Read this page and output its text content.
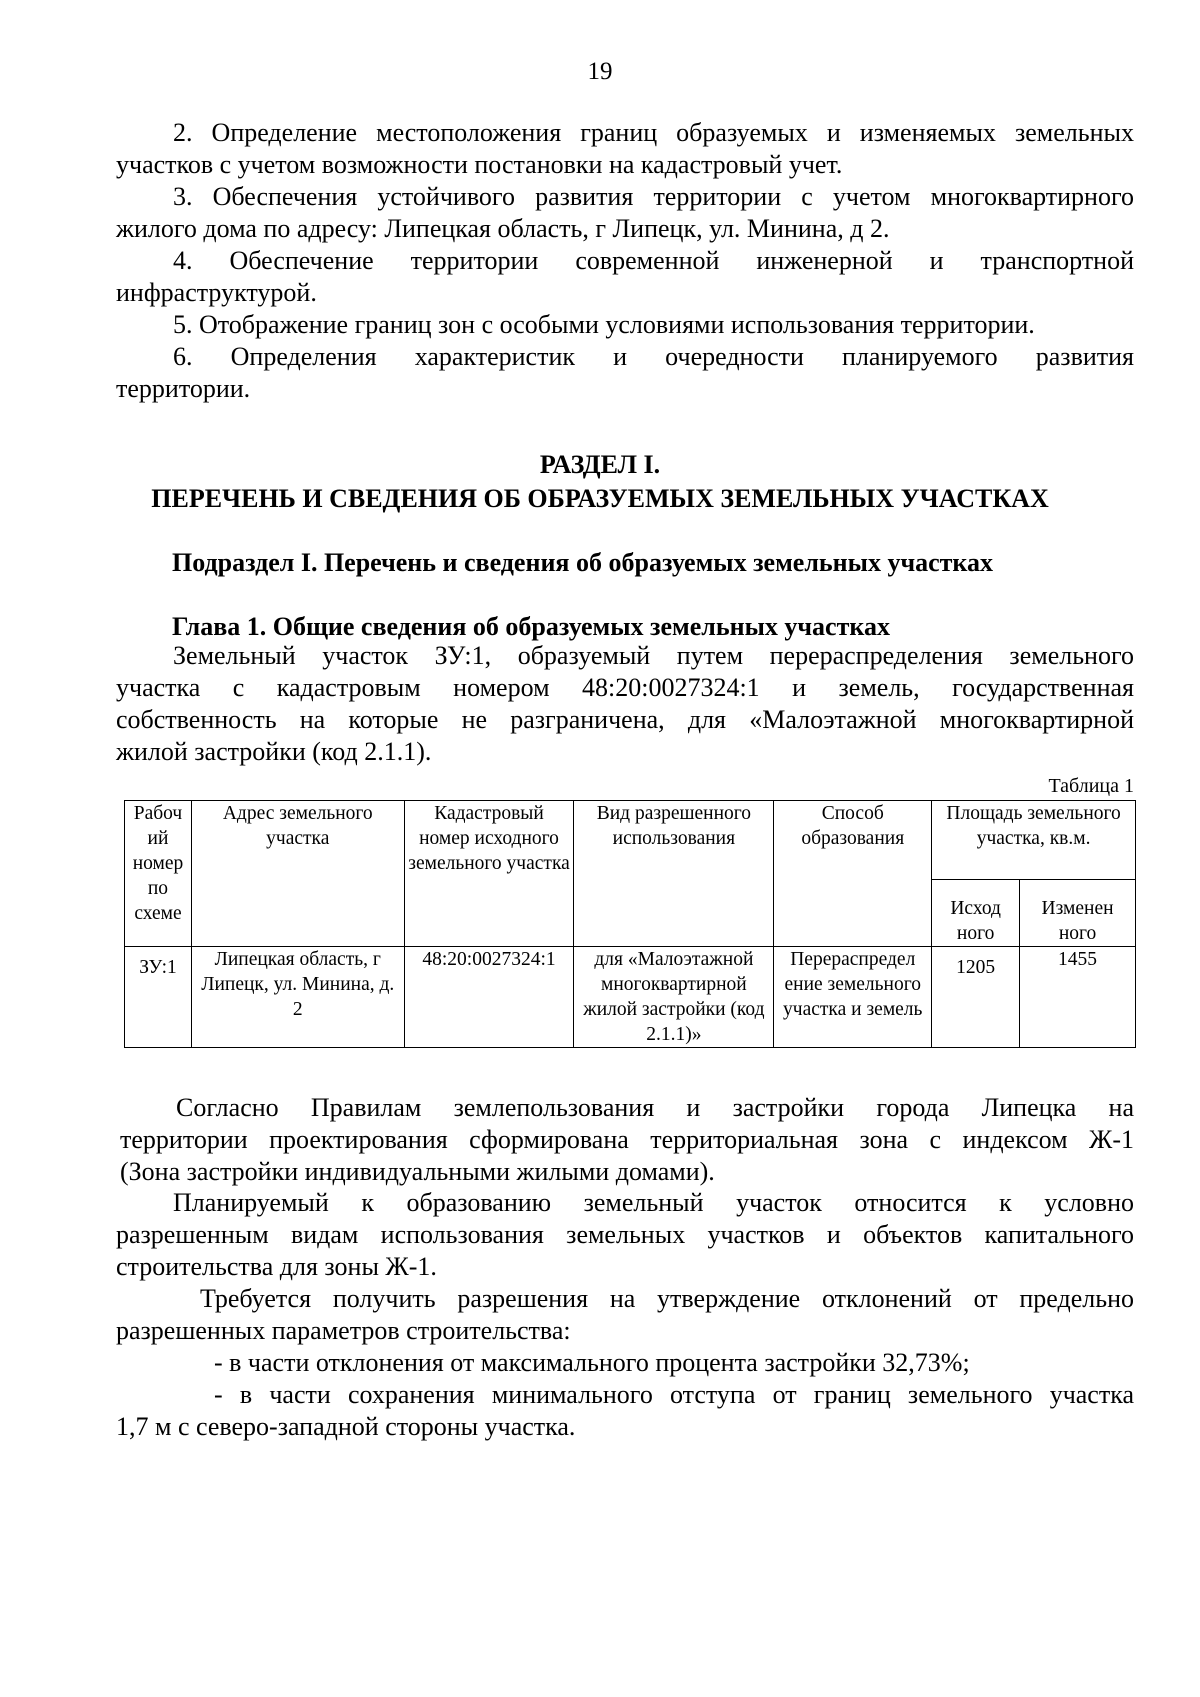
19
2. Определение местоположения границ образуемых и изменяемых земельных
участков с учетом возможности постановки на кадастровый учет.
3. Обеспечения устойчивого развития территории с учетом многоквартирного
жилого дома по адресу: Липецкая область, г Липецк, ул. Минина, д 2.
4. Обеспечение территории современной инженерной и транспортной
инфраструктурой.
5. Отображение границ зон с особыми условиями использования территории.
6. Определения характеристик и очередности планируемого развития
территории.
РАЗДЕЛ I.
ПЕРЕЧЕНЬ И СВЕДЕНИЯ ОБ ОБРАЗУЕМЫХ ЗЕМЕЛЬНЫХ УЧАСТКАХ
Подраздел I. Перечень и сведения об образуемых земельных участках
Глава 1. Общие сведения об образуемых земельных участках
Земельный участок ЗУ:1, образуемый путем перераспределения земельного
участка с кадастровым номером 48:20:0027324:1 и земель, государственная
собственность на которые не разграничена, для «Малоэтажной многоквартирной
жилой застройки (код 2.1.1).
Таблица 1
Рабоч ий номер по схеме	Адрес земельного участка	Кадастровый номер исходного земельного участка	Вид разрешенного использования	Способ образования	Площадь земельного участка, кв.м.	
					Исход ного	Изменен ного
ЗУ:1	Липецкая область, г Липецк, ул. Минина, д. 2	48:20:0027324:1	для «Малоэтажной многоквартирной жилой застройки (код 2.1.1)»	Перераспредел ение земельного участка и земель	1205	1455
Согласно Правилам землепользования и застройки города Липецка на
территории проектирования сформирована территориальная зона с индексом Ж-1
(Зона застройки индивидуальными жилыми домами).
Планируемый к образованию земельный участок относится к условно
разрешенным видам использования земельных участков и объектов капитального
строительства для зоны Ж-1.
Требуется получить разрешения на утверждение отклонений от предельно
разрешенных параметров строительства:
- в части отклонения от максимального процента застройки 32,73%;
- в части сохранения минимального отступа от границ земельного участка
1,7 м с северо-западной стороны участка.
